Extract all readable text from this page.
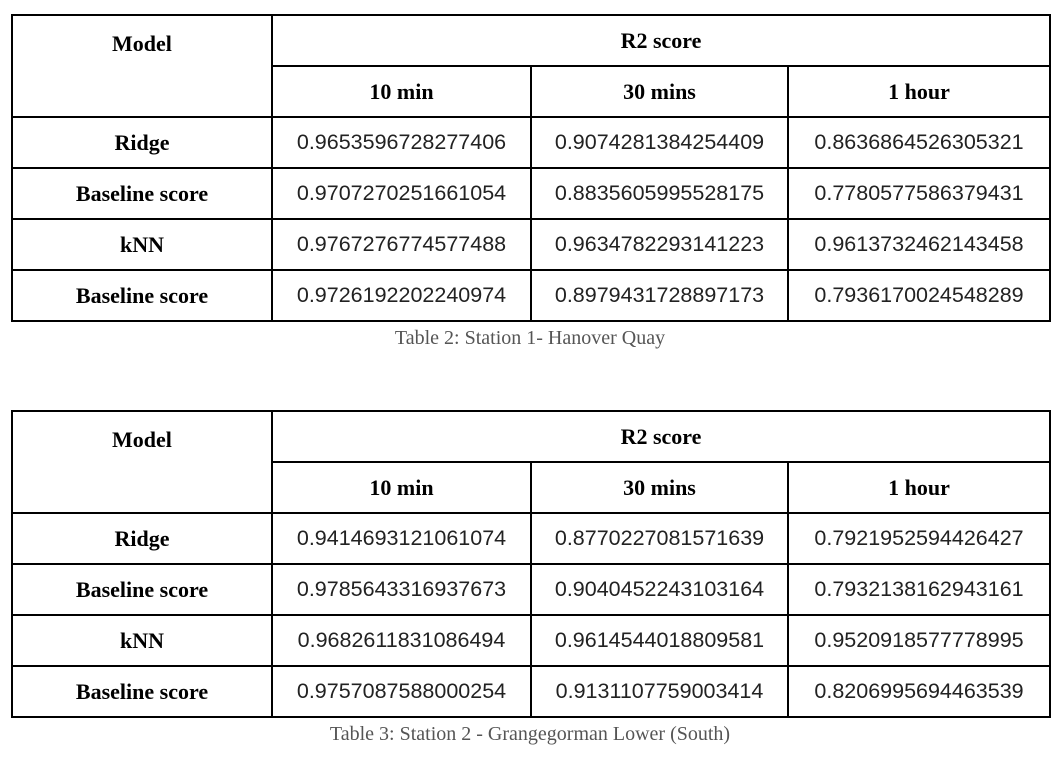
Model	R2 score		
	10 min	30 mins	1 hour
Ridge	0.9653596728277406	0.9074281384254409	0.8636864526305321
Baseline score	0.9707270251661054	0.8835605995528175	0.7780577586379431
kNN	0.9767276774577488	0.9634782293141223	0.9613732462143458
Baseline score	0.9726192202240974	0.8979431728897173	0.7936170024548289
Table 2: Station 1- Hanover Quay
Model	R2 score		
	10 min	30 mins	1 hour
Ridge	0.9414693121061074	0.8770227081571639	0.7921952594426427
Baseline score	0.9785643316937673	0.9040452243103164	0.7932138162943161
kNN	0.9682611831086494	0.9614544018809581	0.9520918577778995
Baseline score	0.9757087588000254	0.9131107759003414	0.8206995694463539
Table 3: Station 2 - Grangegorman Lower (South)
